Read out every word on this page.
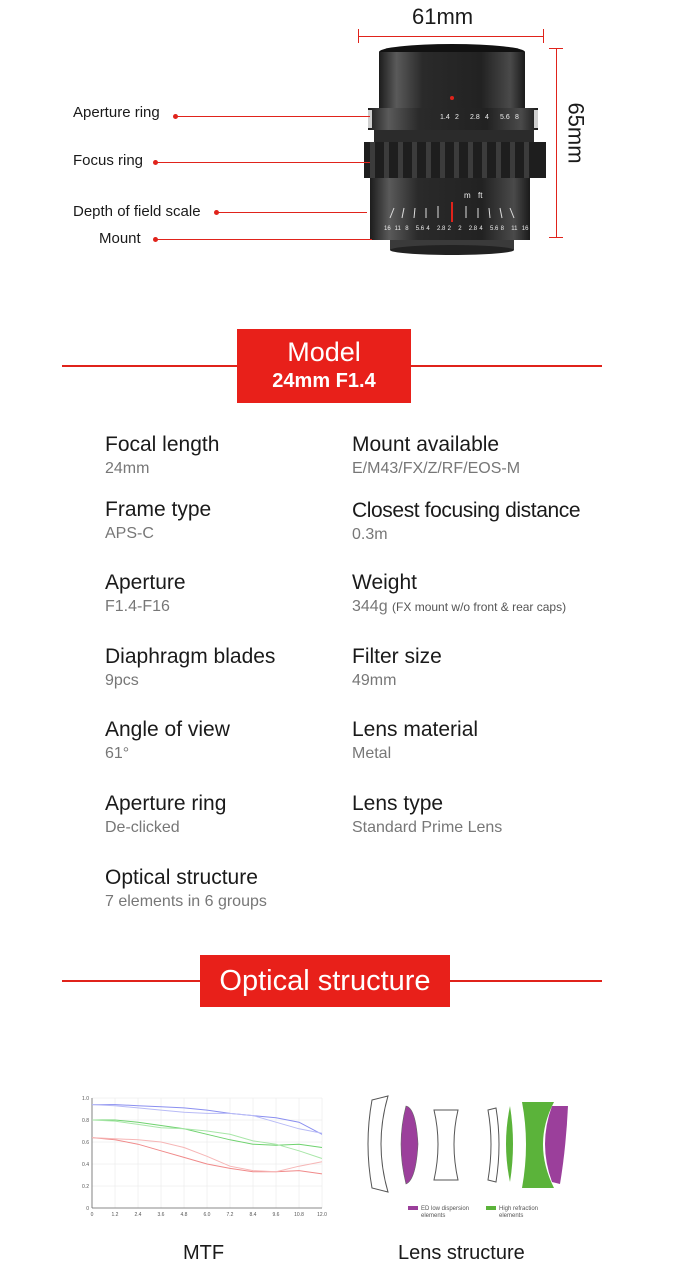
1.4 2 2.8 4 5.6 8
16 11 8 5.6 4 2.8 2 2 2.8 4 5.6 8 11 16
m ft
Aperture ring
Focus ring
Depth of field scale
Mount
61mm
65mm
Model
24mm F1.4
Focal length
24mm
Mount available
E/M43/FX/Z/RF/EOS-M
Frame type
APS-C
Closest focusing distance
0.3m
Aperture
F1.4-F16
Weight
344g (FX mount w/o front & rear caps)
Diaphragm blades
9pcs
Filter size
49mm
Angle of view
61°
Lens material
Metal
Aperture ring
De-clicked
Lens type
Standard Prime Lens
Optical structure
7 elements in 6 groups
Optical structure
0	1.2	2.4	3.6	4.8	6.0	7.2	8.4	9.6	10.8	12.0
0
0.2
0.4
0.6
0.8
1.0
MTF
ED low dispersion elements
High refraction elements
Lens structure
